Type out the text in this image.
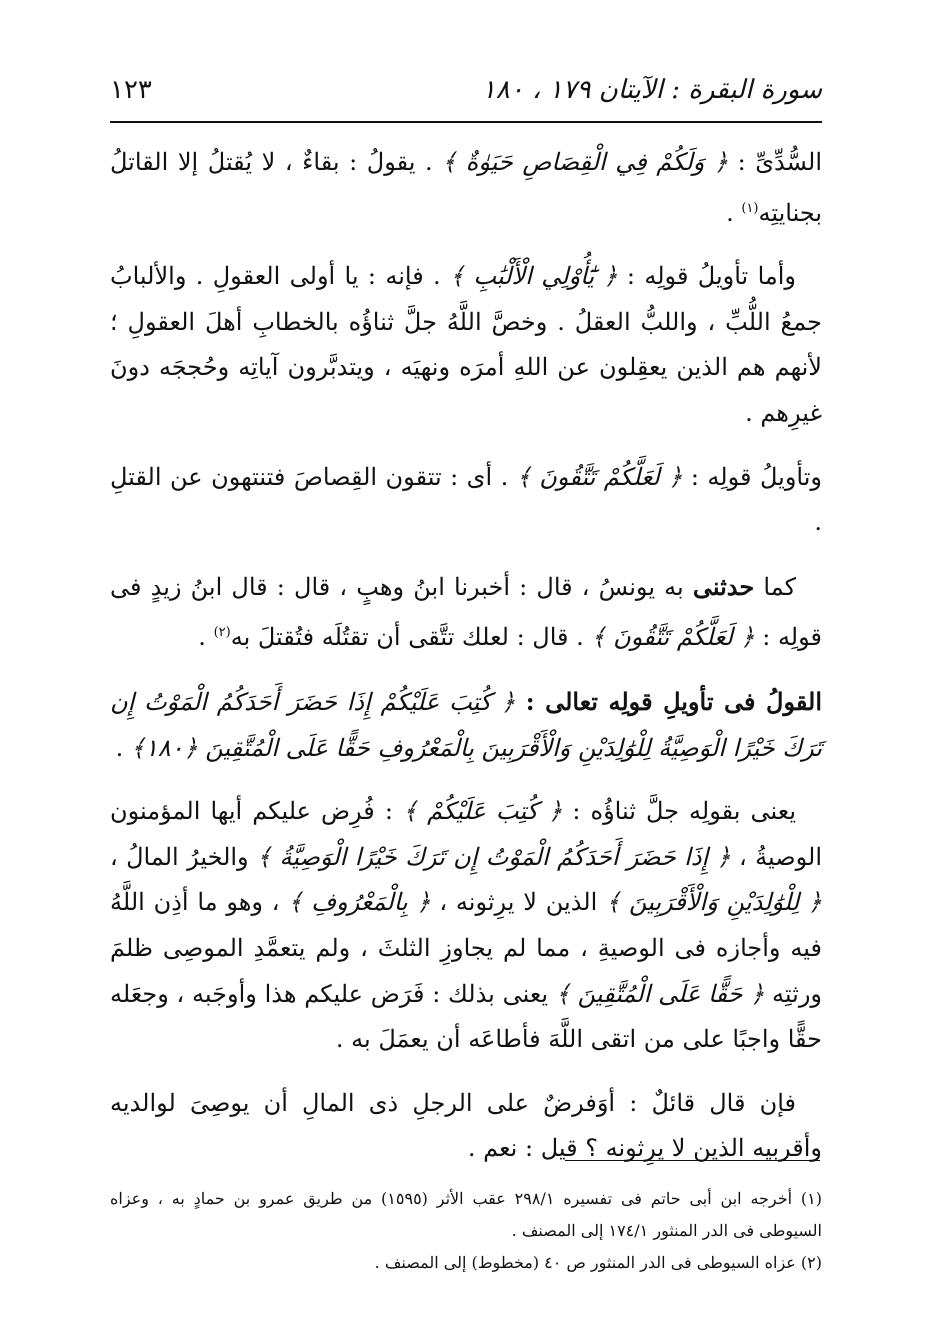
سورة البقرة : الآيتان ١٧٩ ، ١٨٠
١٢٣

السُّدِّىِّ : ﴿ وَلَكُمْ فِي الْقِصَاصِ حَيَوٰةٌ ﴾ . يقولُ : بقاءٌ ، لا يُقتلُ إلا القاتلُ بجنايتِه$^{(١)}$ .

وأما تأويلُ قولِه : ﴿ يَٰٓأُوْلِي الْأَلْبَٰبِ ﴾ . فإنه : يا أولى العقولِ . والألبابُ جمعُ اللُّبِّ ، واللبُّ العقلُ . وخصَّ اللَّهُ جلَّ ثناؤُه بالخطابِ أهلَ العقولِ ؛ لأنهم هم الذين يعقِلون عن اللهِ أمرَه ونهيَه ، ويتدبَّرون آياتِه وحُججَه دونَ غيرِهم .

وتأويلُ قولِه : ﴿ لَعَلَّكُمْ تَتَّقُونَ ﴾ . أى : تتقون القِصاصَ فتنتهون عن القتلِ .

كما حدثنى به يونسُ ، قال : أخبرنا ابنُ وهبٍ ، قال : قال ابنُ زيدٍ فى قولِه : ﴿ لَعَلَّكُمْ تَتَّقُونَ ﴾ . قال : لعلك تتَّقى أن تقتُلَه فتُقتلَ به$^{(٢)}$ .

القولُ فى تأويلِ قولِه تعالى : ﴿ كُتِبَ عَلَيْكُمْ إِذَا حَضَرَ أَحَدَكُمُ الْمَوْتُ إِن تَرَكَ خَيْرًا الْوَصِيَّةُ لِلْوَٰلِدَيْنِ وَالْأَقْرَبِينَ بِالْمَعْرُوفِ حَقًّا عَلَى الْمُتَّقِينَ ﴿١٨٠﴾ .

يعنى بقولِه جلَّ ثناؤُه : ﴿ كُتِبَ عَلَيْكُمْ ﴾ : فُرِض عليكم أيها المؤمنون الوصيةُ ، ﴿ إِذَا حَضَرَ أَحَدَكُمُ الْمَوْتُ إِن تَرَكَ خَيْرًا الْوَصِيَّةُ ﴾ والخيرُ المالُ ، ﴿ لِلْوَٰلِدَيْنِ وَالْأَقْرَبِينَ ﴾ الذين لا يرِثونه ، ﴿ بِالْمَعْرُوفِ ﴾ ، وهو ما أذِن اللَّهُ فيه وأجازه فى الوصيةِ ، مما لم يجاوزِ الثلثَ ، ولم يتعمَّدِ الموصِى ظلمَ ورثتِه ﴿ حَقًّا عَلَى الْمُتَّقِينَ ﴾ يعنى بذلك : فَرَض عليكم هذا وأوجَبه ، وجعَله حقًّا واجبًا على من اتقى اللَّهَ فأطاعَه أن يعمَلَ به .

فإن قال قائلٌ : أوَفرضٌ على الرجلِ ذى المالِ أن يوصِىَ لوالديه وأقربيه الذين لا يرِثونه ؟ قيل : نعم .

(١) أخرجه ابن أبى حاتم فى تفسيره ٢٩٨/١ عقب الأثر (١٥٩٥) من طريق عمرو بن حمادٍ به ، وعزاه السيوطى فى الدر المنثور ١٧٤/١ إلى المصنف .

(٢) عزاه السيوطى فى الدر المنثور ص ٤٠ (مخطوط) إلى المصنف .
